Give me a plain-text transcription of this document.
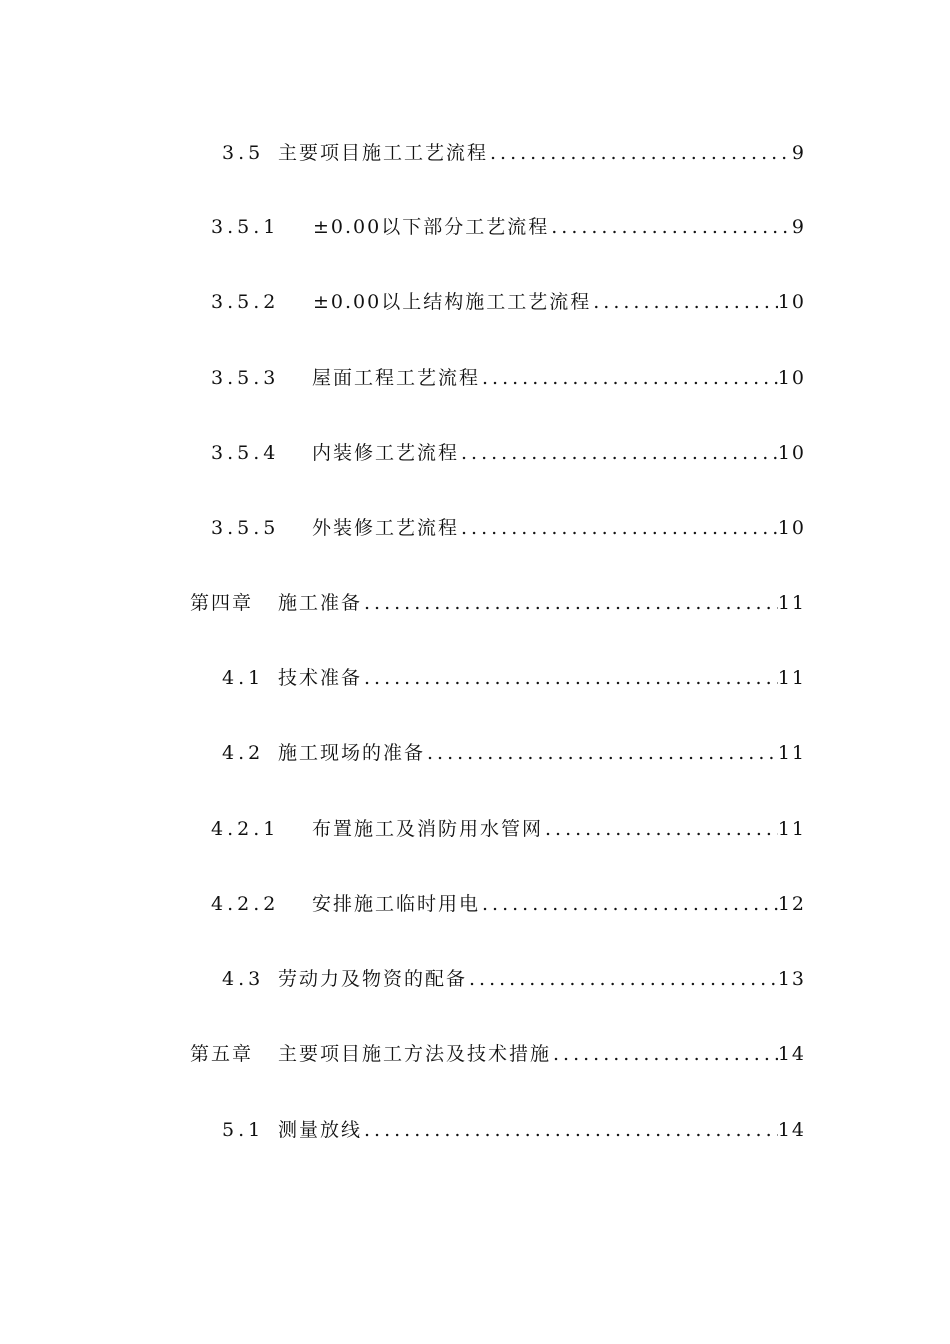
3.5 主要项目施工工艺流程 .....	9
3.5.1	±0.00以下部分工艺流程 .....	9
3.5.2	±0.00以上结构施工工艺流程 .....	10
3.5.3	屋面工程工艺流程 .....	10
3.5.4	内装修工艺流程 .....	10
3.5.5	外装修工艺流程 .....	10
第四章	施工准备 .....	11
4.1 技术准备 .....	11
4.2 施工现场的准备 .....	11
4.2.1	布置施工及消防用水管网 .....	11
4.2.2	安排施工临时用电 .....	12
4.3 劳动力及物资的配备 .....	13
第五章	主要项目施工方法及技术措施 .....	14
5.1 测量放线 .....	14
